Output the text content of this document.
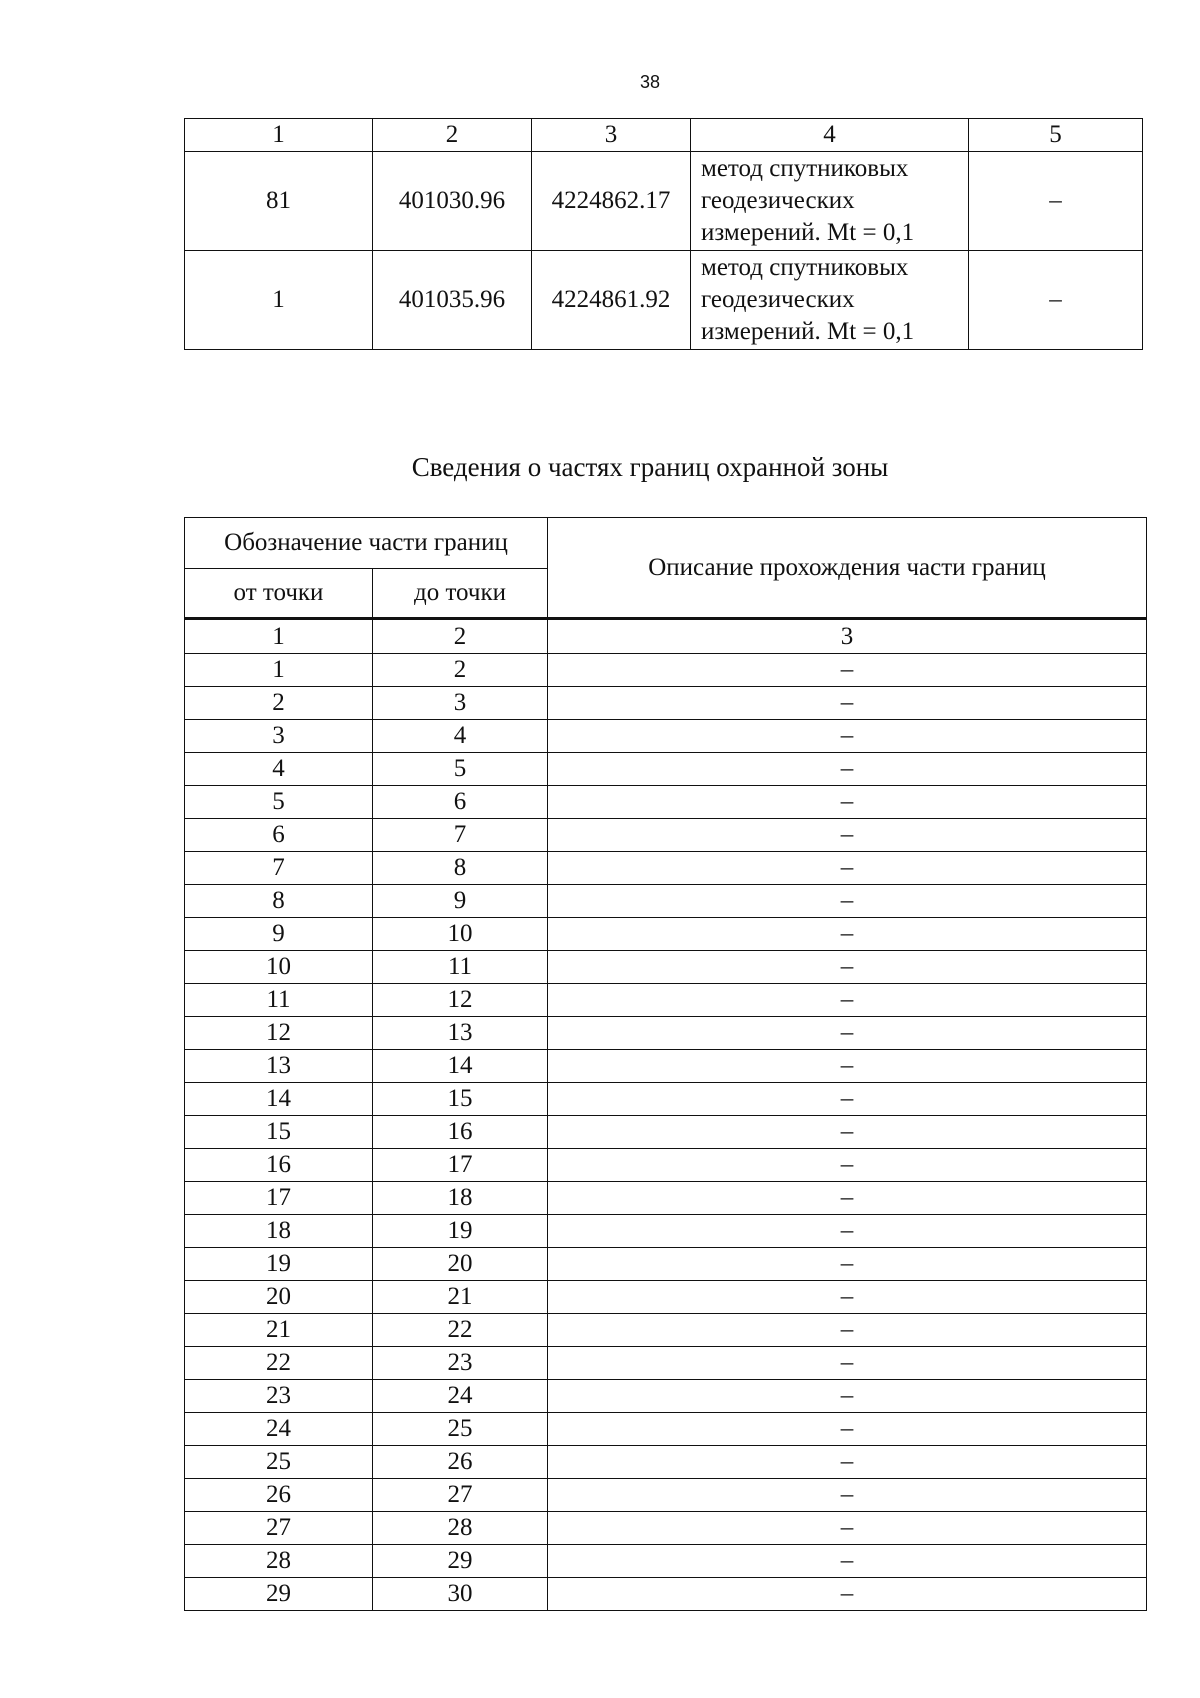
38
1	2	3	4	5
81	401030.96	4224862.17	метод спутниковых
геодезических
измерений. Mt = 0,1	–
1	401035.96	4224861.92	метод спутниковых
геодезических
измерений. Mt = 0,1	–
Сведения о частях границ охранной зоны
Обозначение части границ		Описание прохождения части границ
от точки	до точки	
1	2	3
1	2	–
2	3	–
3	4	–
4	5	–
5	6	–
6	7	–
7	8	–
8	9	–
9	10	–
10	11	–
11	12	–
12	13	–
13	14	–
14	15	–
15	16	–
16	17	–
17	18	–
18	19	–
19	20	–
20	21	–
21	22	–
22	23	–
23	24	–
24	25	–
25	26	–
26	27	–
27	28	–
28	29	–
29	30	–
